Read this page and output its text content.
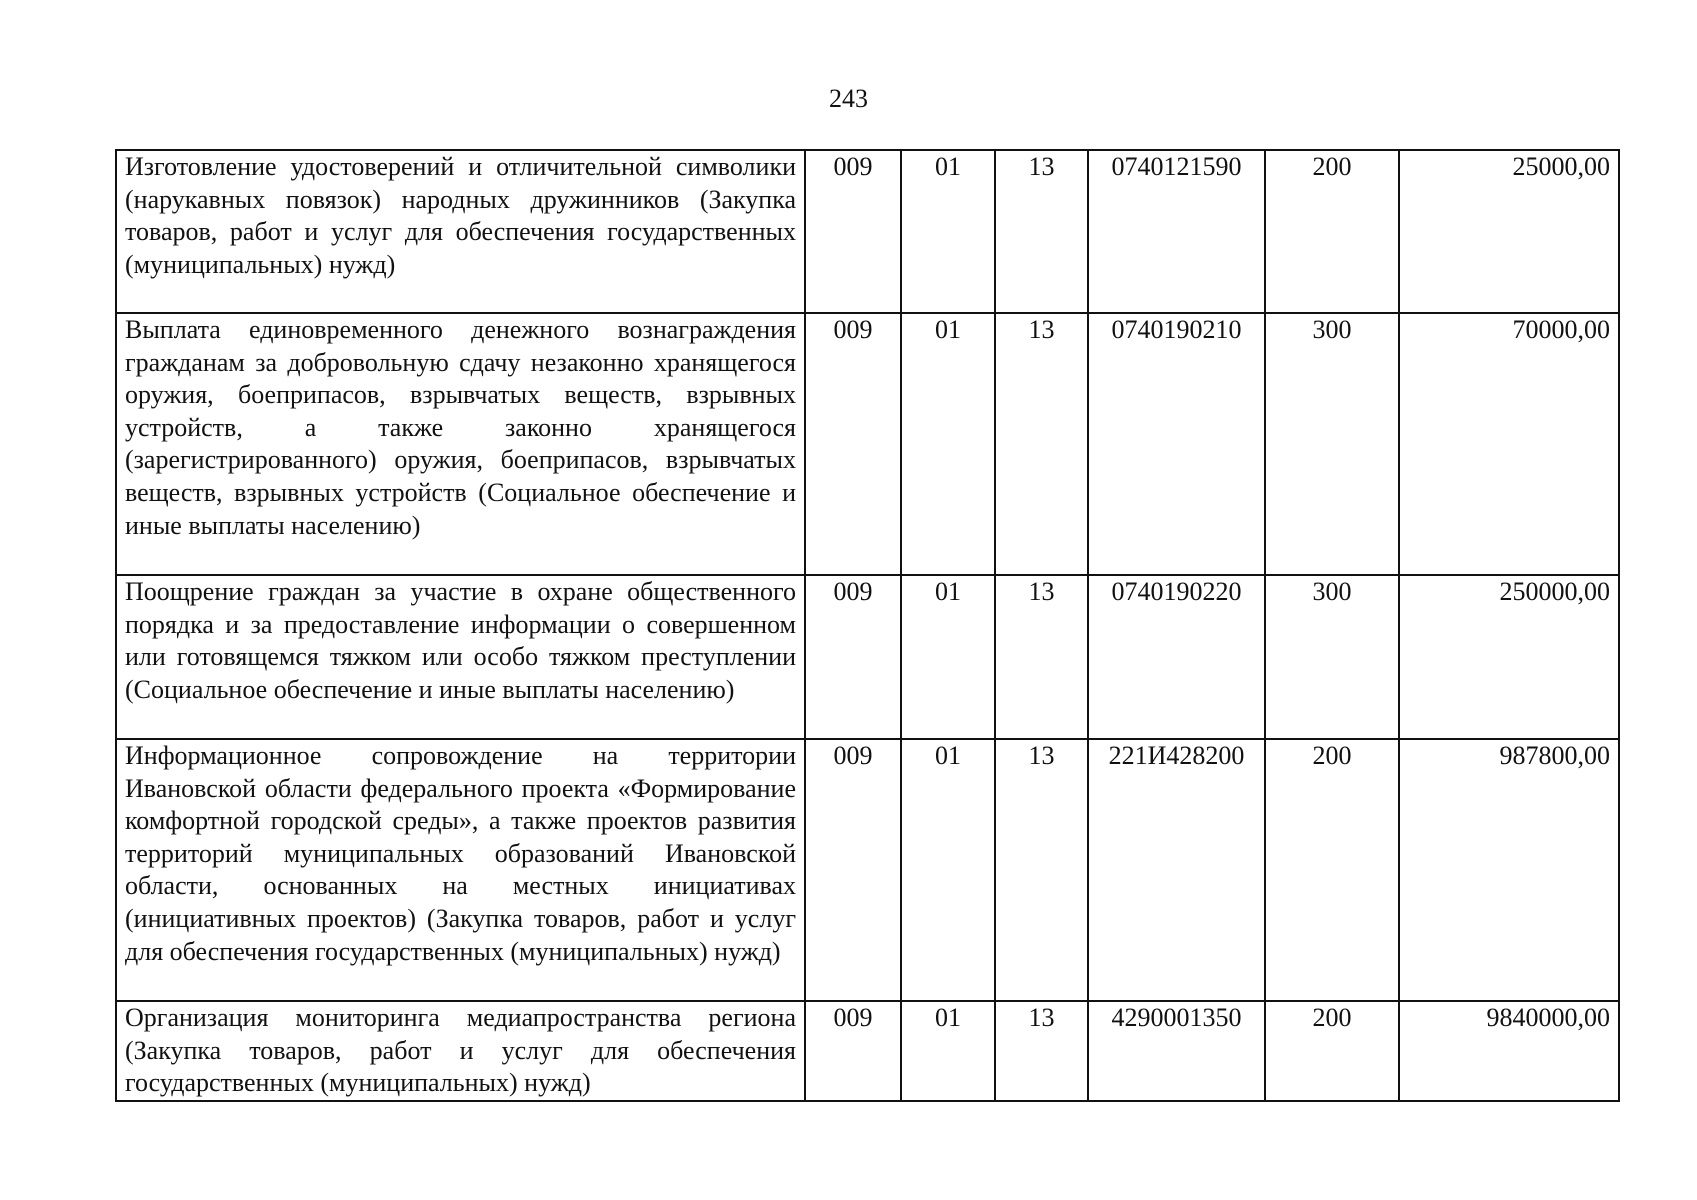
243
Изготовление удостоверений и отличительной символики (нарукавных повязок) народных дружинников (Закупка товаров, работ и услуг для обеспечения государственных (муниципальных) нужд)	009	01	13	0740121590	200	25000,00
Выплата единовременного денежного вознаграждения гражданам за добровольную сдачу незаконно хранящегося оружия, боеприпасов, взрывчатых веществ, взрывных устройств, а также законно хранящегося (зарегистрированного) оружия, боеприпасов, взрывчатых веществ, взрывных устройств (Социальное обеспечение и иные выплаты населению)	009	01	13	0740190210	300	70000,00
Поощрение граждан за участие в охране общественного порядка и за предоставление информации о совершенном или готовящемся тяжком или особо тяжком преступлении (Социальное обеспечение и иные выплаты населению)	009	01	13	0740190220	300	250000,00
Информационное сопровождение на территории Ивановской области федерального проекта «Формирование комфортной городской среды», а также проектов развития территорий муниципальных образований Ивановской области, основанных на местных инициативах (инициативных проектов) (Закупка товаров, работ и услуг для обеспечения государственных (муниципальных) нужд)	009	01	13	221И428200	200	987800,00
Организация мониторинга медиапространства региона (Закупка товаров, работ и услуг для обеспечения государственных (муниципальных) нужд)	009	01	13	4290001350	200	9840000,00
